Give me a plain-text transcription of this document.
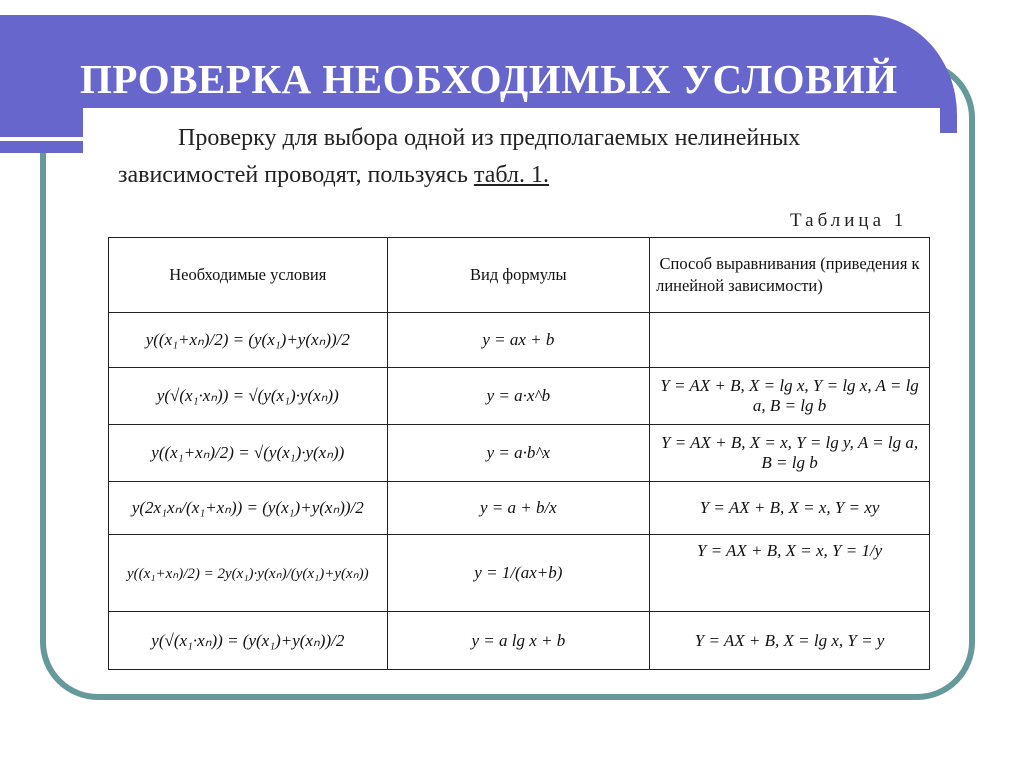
ПРОВЕРКА НЕОБХОДИМЫХ УСЛОВИЙ
Проверку для выбора одной из предполагаемых нелинейных зависимостей проводят, пользуясь табл. 1.
Таблица 1
Необходимые условия	Вид формулы	Способ выравнивания (приведения к линейной зависимости)
y((x₁+xₙ)/2) = (y(x₁)+y(xₙ))/2	y = ax + b	
y(√(x₁·xₙ)) = √(y(x₁)·y(xₙ))	y = a·x^b	Y = AX + B, X = lg x, Y = lg x, A = lg a, B = lg b
y((x₁+xₙ)/2) = √(y(x₁)·y(xₙ))	y = a·b^x	Y = AX + B, X = x, Y = lg y, A = lg a, B = lg b
y(2x₁xₙ/(x₁+xₙ)) = (y(x₁)+y(xₙ))/2	y = a + b/x	Y = AX + B, X = x, Y = xy
y((x₁+xₙ)/2) = 2y(x₁)·y(xₙ)/(y(x₁)+y(xₙ))	y = 1/(ax+b)	Y = AX + B, X = x, Y = 1/y
y(√(x₁·xₙ)) = (y(x₁)+y(xₙ))/2	y = a lg x + b	Y = AX + B, X = lg x, Y = y
